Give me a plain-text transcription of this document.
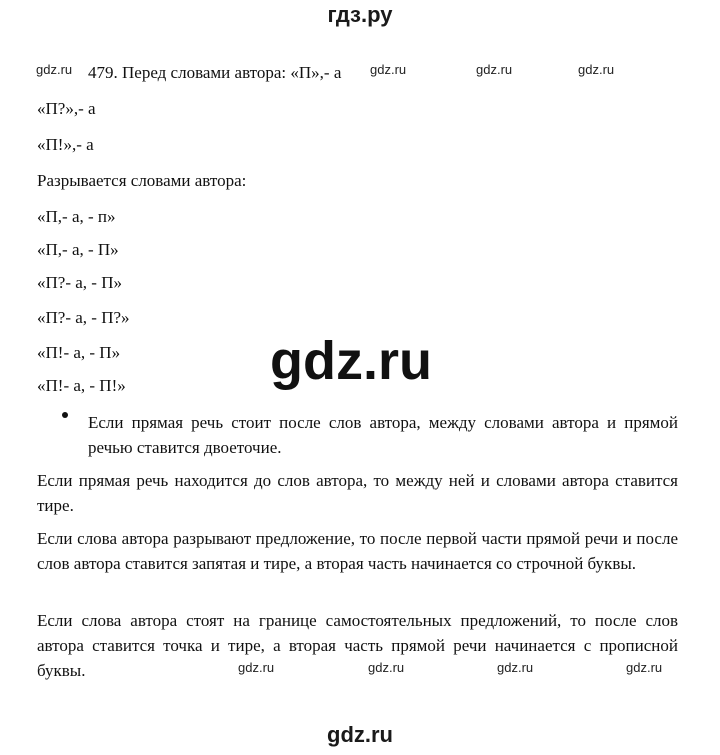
гдз.ру
gdz.ru	gdz.ru	gdz.ru	gdz.ru
479. Перед словами автора: «П»,- а
«П?»,- а
«П!»,- а
Разрывается словами автора:
«П,- а, - п»
«П,- а, - П»
«П?- а, - П»
«П?- а, - П?»
«П!- а, - П»
«П!- а, - П!»	gdz.ru
Если прямая речь стоит после слов автора, между словами автора и прямой речью ставится двоеточие.
Если прямая речь находится до слов автора, то между ней и словами автора ставится тире.
Если слова автора разрывают предложение, то после первой части прямой речи и после слов автора ставится запятая и тире, а вторая часть начинается со строчной буквы.
Если слова автора стоят на границе самостоятельных предложений, то после слов автора ставится точка и тире, а вторая часть прямой речи начинается с прописной буквы.	gdz.ru	gdz.ru	gdz.ru	gdz.ru
gdz.ru
